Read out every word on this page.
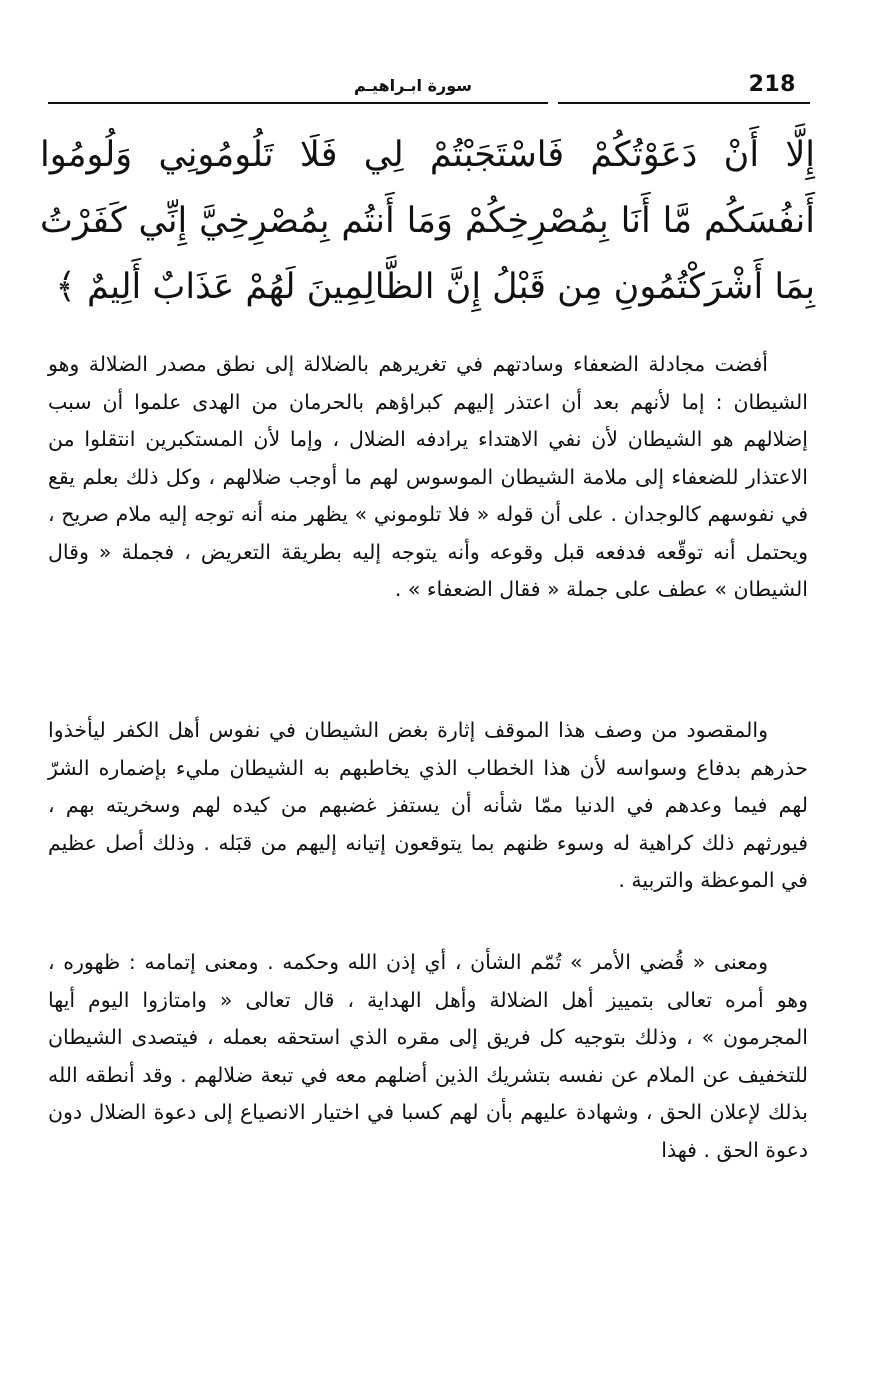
218
سورة ابـراهيـم
إِلَّا أَنْ دَعَوْتُكُمْ فَاسْتَجَبْتُمْ لِي فَلَا تَلُومُونِي وَلُومُوا أَنفُسَكُم مَّا أَنَا بِمُصْرِخِكُمْ وَمَا أَنتُم بِمُصْرِخِيَّ إِنِّي كَفَرْتُ بِمَا أَشْرَكْتُمُونِ مِن قَبْلُ إِنَّ الظَّالِمِينَ لَهُمْ عَذَابٌ أَلِيمٌ ﴾

أفضت مجادلة الضعفاء وسادتهم في تغريرهم بالضلالة إلى نطق مصدر الضلالة وهو الشيطان : إما لأنهم بعد أن اعتذر إليهم كبراؤهم بالحرمان من الهدى علموا أن سبب إضلالهم هو الشيطان لأن نفي الاهتداء يرادفه الضلال ، وإما لأن المستكبرين انتقلوا من الاعتذار للضعفاء إلى ملامة الشيطان الموسوس لهم ما أوجب ضلالهم ، وكل ذلك بعلم يقع في نفوسهم كالوجدان . على أن قوله « فلا تلوموني » يظهر منه أنه توجه إليه ملام صريح ، ويحتمل أنه توقّعه فدفعه قبل وقوعه وأنه يتوجه إليه بطريقة التعريض ، فجملة « وقال الشيطان » عطف على جملة « فقال الضعفاء » .

والمقصود من وصف هذا الموقف إثارة بغض الشيطان في نفوس أهل الكفر ليأخذوا حذرهم بدفاع وسواسه لأن هذا الخطاب الذي يخاطبهم به الشيطان مليء بإضماره الشرّ لهم فيما وعدهم في الدنيا ممّا شأنه أن يستفز غضبهم من كيده لهم وسخريته بهم ، فيورثهم ذلك كراهية له وسوء ظنهم بما يتوقعون إتيانه إليهم من قبَله . وذلك أصل عظيم في الموعظة والتربية .

ومعنى « قُضي الأمر » تُمّم الشأن ، أي إذن الله وحكمه . ومعنى إتمامه : ظهوره ، وهو أمره تعالى بتمييز أهل الضلالة وأهل الهداية ، قال تعالى « وامتازوا اليوم أيها المجرمون » ، وذلك بتوجيه كل فريق إلى مقره الذي استحقه بعمله ، فيتصدى الشيطان للتخفيف عن الملام عن نفسه بتشريك الذين أضلهم معه في تبعة ضلالهم . وقد أنطقه الله بذلك لإعلان الحق ، وشهادة عليهم بأن لهم كسبا في اختيار الانصياع إلى دعوة الضلال دون دعوة الحق . فهذا
